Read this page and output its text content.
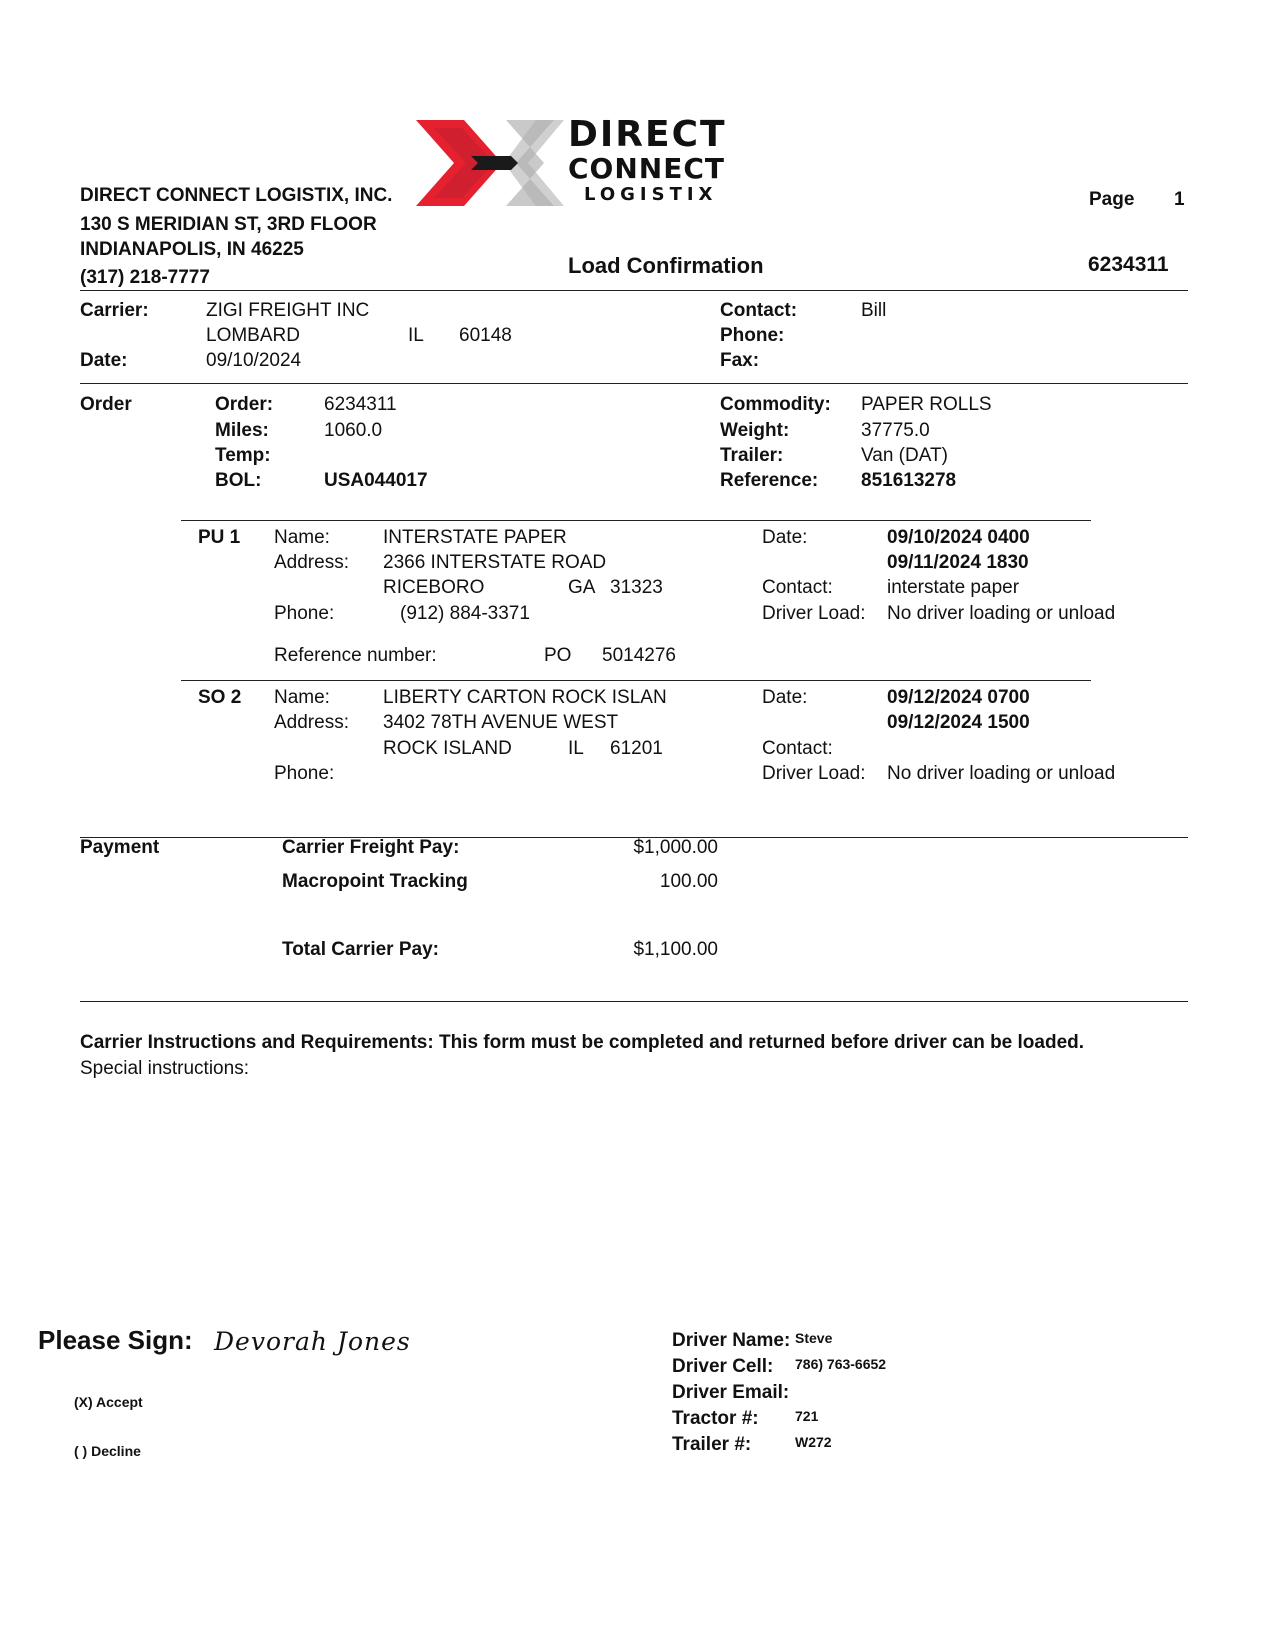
DIRECT
CONNECT
LOGISTIX
DIRECT CONNECT LOGISTIX, INC.
130 S MERIDIAN ST, 3RD FLOOR
INDIANAPOLIS, IN 46225
(317) 218-7777
Page 1
Load Confirmation	6234311
Carrier:	ZIGI FREIGHT INC
LOMBARD	IL 60148
Date:	09/10/2024
Contact:	Bill
Phone:
Fax:
Order	Order:	6234311
Miles:	1060.0
Temp:
BOL:	USA044017
Commodity: PAPER ROLLS
Weight:	37775.0
Trailer:	Van (DAT)
Reference: 851613278
PU 1 Name:	INTERSTATE PAPER
Address: 2366 INTERSTATE ROAD
RICEBORO	GA 31323
Phone:	(912) 884-3371
Date:	09/10/2024 0400
09/11/2024 1830
Contact:	interstate paper
Driver Load: No driver loading or unload
Reference number:	PO 5014276
SO 2 Name:	LIBERTY CARTON ROCK ISLAN
Address: 3402 78TH AVENUE WEST
ROCK ISLAND	IL 61201
Phone:
Date:	09/12/2024 0700
09/12/2024 1500
Contact:
Driver Load: No driver loading or unload
Payment	Carrier Freight Pay:	$1,000.00
Macropoint Tracking	100.00
Total Carrier Pay:	$1,100.00
Carrier Instructions and Requirements: This form must be completed and returned before driver can be loaded.
Special instructions:
Please Sign: Devorah Jones
(X) Accept
( ) Decline
Driver Name: Steve
Driver Cell: 786) 763-6652
Driver Email:
Tractor #:	721
Trailer #:	W272
